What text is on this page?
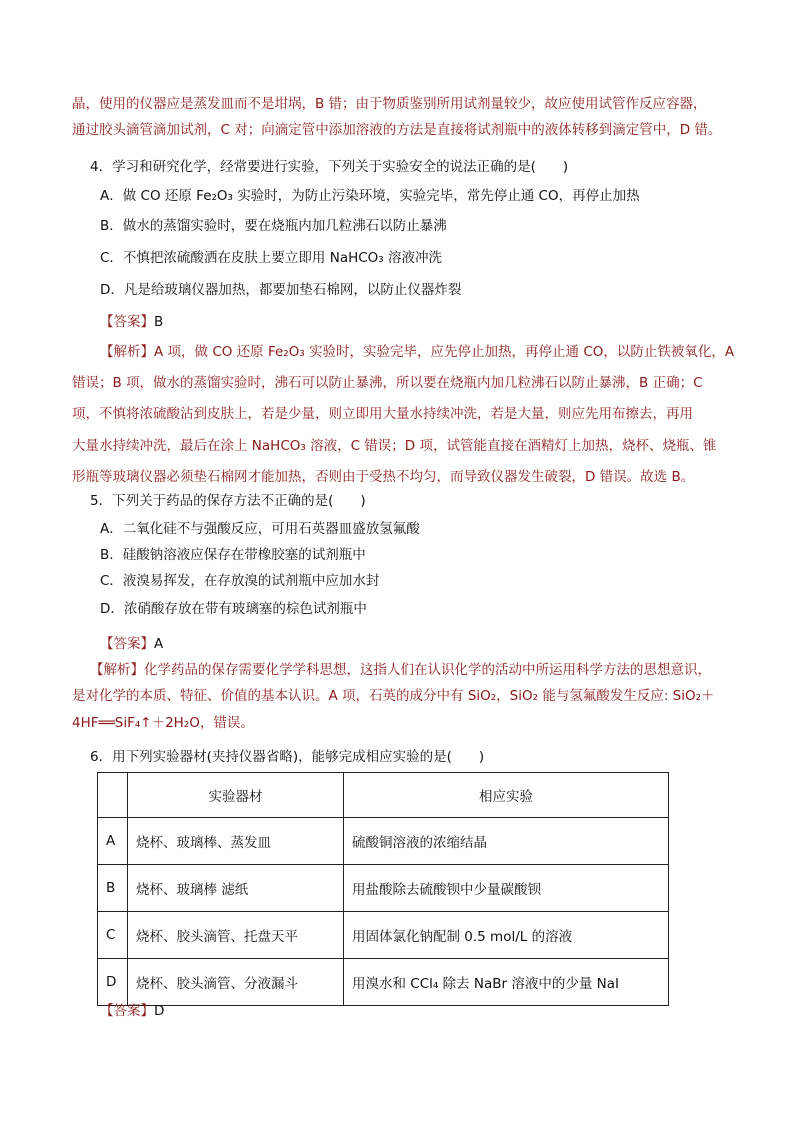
晶，使用的仪器应是蒸发皿而不是坩埚，B 错；由于物质鉴别所用试剂量较少，故应使用试管作反应容器，
通过胶头滴管滴加试剂，C 对；向滴定管中添加溶液的方法是直接将试剂瓶中的液体转移到滴定管中，D 错。
4．学习和研究化学，经常要进行实验，下列关于实验安全的说法正确的是(　　)
A．做 CO 还原 Fe₂O₃ 实验时，为防止污染环境，实验完毕，常先停止通 CO，再停止加热
B．做水的蒸馏实验时，要在烧瓶内加几粒沸石以防止暴沸
C．不慎把浓硫酸洒在皮肤上要立即用 NaHCO₃ 溶液冲洗
D．凡是给玻璃仪器加热，都要加垫石棉网，以防止仪器炸裂
【答案】B
【解析】A 项，做 CO 还原 Fe₂O₃ 实验时，实验完毕，应先停止加热，再停止通 CO，以防止铁被氧化，A
错误；B 项，做水的蒸馏实验时，沸石可以防止暴沸，所以要在烧瓶内加几粒沸石以防止暴沸，B 正确；C
项，不慎将浓硫酸沾到皮肤上，若是少量，则立即用大量水持续冲洗，若是大量，则应先用布擦去，再用
大量水持续冲洗，最后在涂上 NaHCO₃ 溶液，C 错误；D 项，试管能直接在酒精灯上加热，烧杯、烧瓶、锥
形瓶等玻璃仪器必须垫石棉网才能加热，否则由于受热不均匀，而导致仪器发生破裂，D 错误。故选 B。
5．下列关于药品的保存方法不正确的是(　　)
A．二氧化硅不与强酸反应，可用石英器皿盛放氢氟酸
B．硅酸钠溶液应保存在带橡胶塞的试剂瓶中
C．液溴易挥发，在存放溴的试剂瓶中应加水封
D．浓硝酸存放在带有玻璃塞的棕色试剂瓶中
【答案】A
【解析】化学药品的保存需要化学学科思想，这指人们在认识化学的活动中所运用科学方法的思想意识，
是对化学的本质、特征、价值的基本认识。A 项，石英的成分中有 SiO₂，SiO₂ 能与氢氟酸发生反应: SiO₂＋
4HF══SiF₄↑＋2H₂O，错误。
6．用下列实验器材(夹持仪器省略)，能够完成相应实验的是(　　)
	实验器材	相应实验
A	烧杯、玻璃棒、蒸发皿	硫酸铜溶液的浓缩结晶
B	烧杯、玻璃棒 滤纸	用盐酸除去硫酸钡中少量碳酸钡
C	烧杯、胶头滴管、托盘天平	用固体氯化钠配制 0.5 mol/L 的溶液
D	烧杯、胶头滴管、分液漏斗	用溴水和 CCl₄ 除去 NaBr 溶液中的少量 NaI
【答案】D
